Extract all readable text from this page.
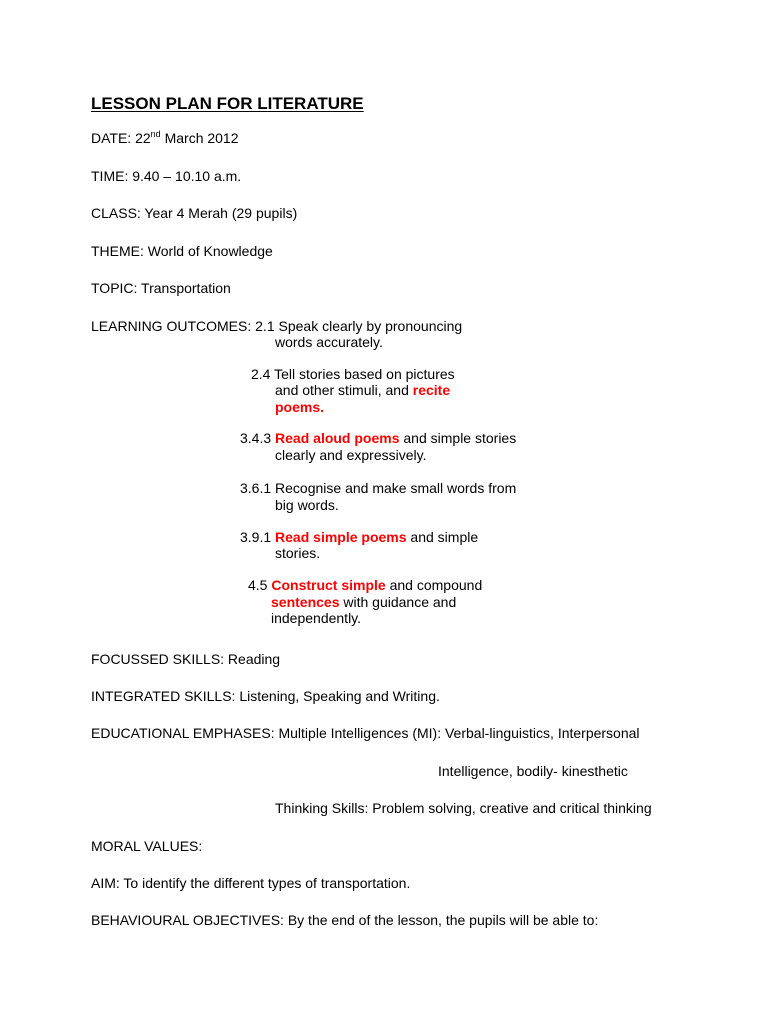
LESSON PLAN FOR LITERATURE
DATE: 22nd March 2012
TIME: 9.40 – 10.10 a.m.
CLASS: Year 4 Merah (29 pupils)
THEME: World of Knowledge
TOPIC: Transportation
LEARNING OUTCOMES: 2.1 Speak clearly by pronouncing
words accurately.
2.4 Tell stories based on pictures
and other stimuli, and recite
poems.
3.4.3 Read aloud poems and simple stories
clearly and expressively.
3.6.1 Recognise and make small words from
big words.
3.9.1 Read simple poems and simple
stories.
4.5 Construct simple and compound
sentences with guidance and
independently.
FOCUSSED SKILLS: Reading
INTEGRATED SKILLS: Listening, Speaking and Writing.
EDUCATIONAL EMPHASES: Multiple Intelligences (MI): Verbal-linguistics, Interpersonal
Intelligence, bodily- kinesthetic
Thinking Skills: Problem solving, creative and critical thinking
MORAL VALUES:
AIM: To identify the different types of transportation.
BEHAVIOURAL OBJECTIVES: By the end of the lesson, the pupils will be able to:
